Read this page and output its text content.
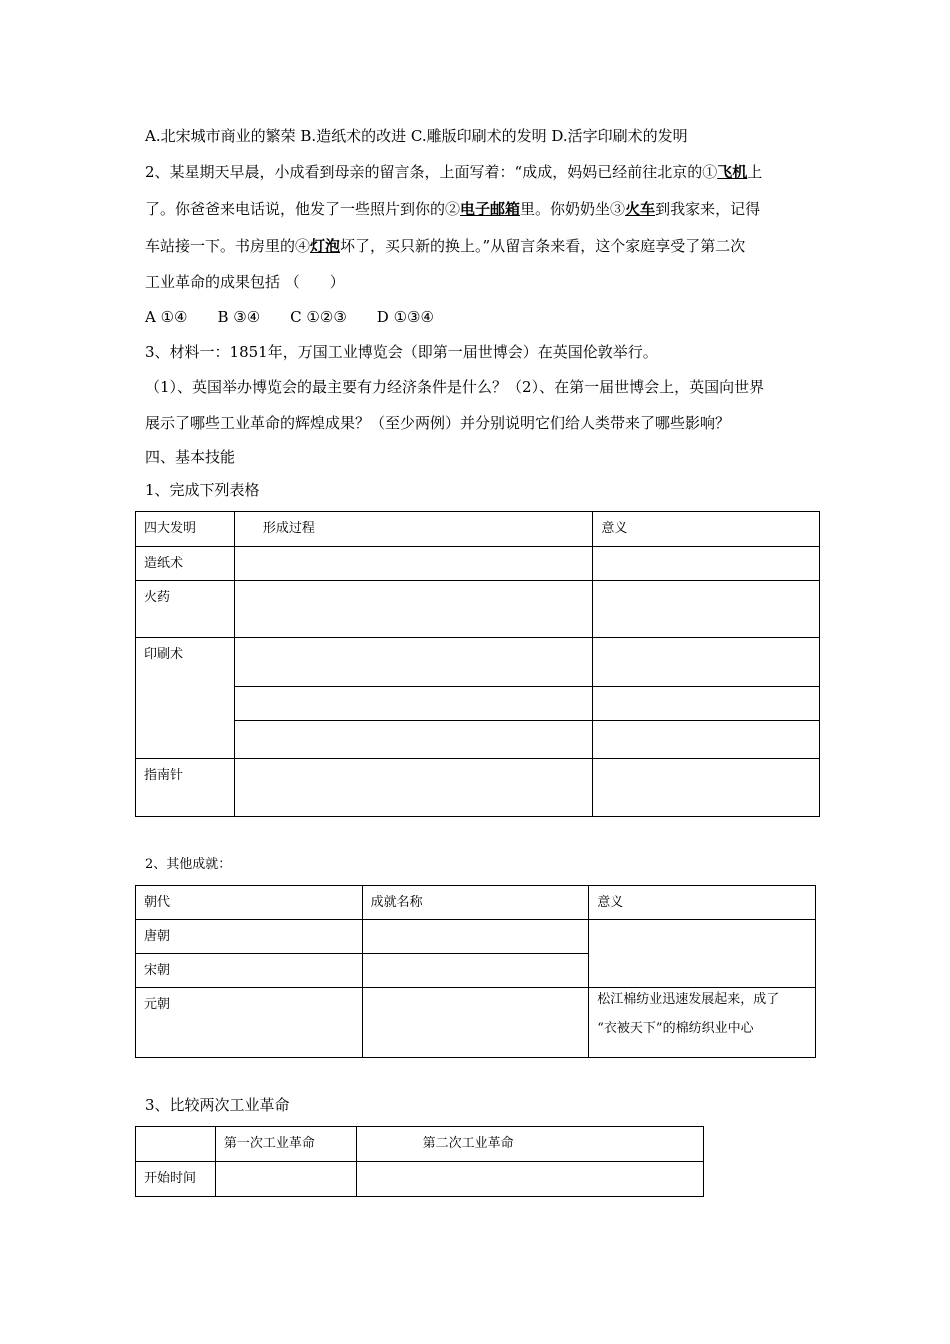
A.北宋城市商业的繁荣 B.造纸术的改进 C.雕版印刷术的发明 D.活字印刷术的发明
2、某星期天早晨，小成看到母亲的留言条，上面写着：“成成，妈妈已经前往北京的①飞机上
了。你爸爸来电话说，他发了一些照片到你的②电子邮箱里。你奶奶坐③火车到我家来，记得
车站接一下。书房里的④灯泡坏了，买只新的换上。”从留言条来看，这个家庭享受了第二次
工业革命的成果包括 （　　）
A ①④　　B ③④　　C ①②③　　D ①③④
3、材料一：1851年，万国工业博览会（即第一届世博会）在英国伦敦举行。
（1）、英国举办博览会的最主要有力经济条件是什么？（2）、在第一届世博会上，英国向世界
展示了哪些工业革命的辉煌成果？（至少两例）并分别说明它们给人类带来了哪些影响？
四、基本技能
1、完成下列表格
四大发明	形成过程	意义
造纸术		
火药		
印刷术		

指南针		
2、其他成就：
朝代	成就名称	意义
唐朝		
宋朝		
元朝		松江棉纺业迅速发展起来，成了
“衣被天下”的棉纺织业中心
3、比较两次工业革命
	第一次工业革命	第二次工业革命
开始时间		
